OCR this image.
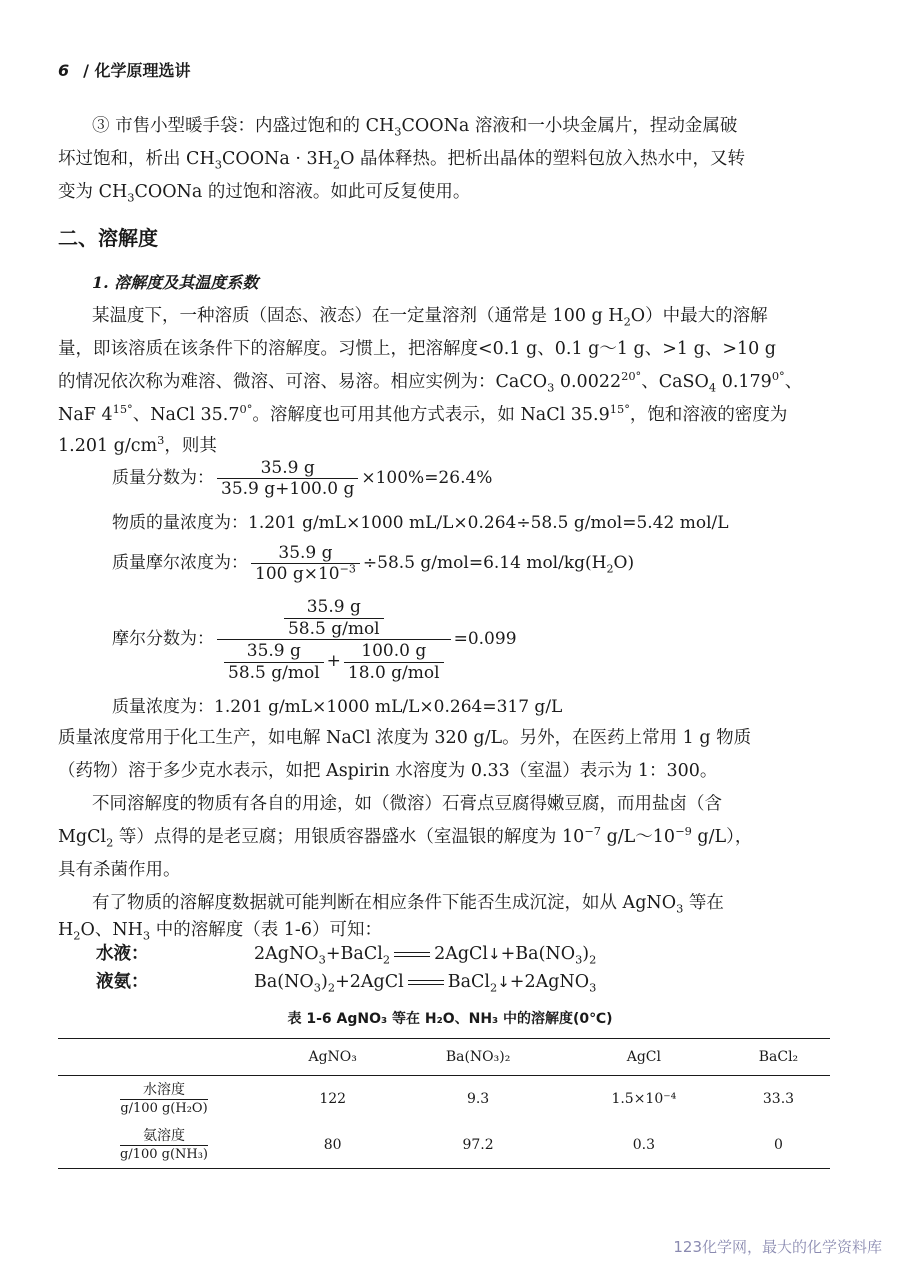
6 / 化学原理选讲
③ 市售小型暖手袋：内盛过饱和的 $CH_3COONa$ 溶液和一小块金属片，捏动金属破
坏过饱和，析出 $CH_3COONa \cdot 3H_2O$ 晶体释热。把析出晶体的塑料包放入热水中，又转
变为 $CH_3COONa$ 的过饱和溶液。如此可反复使用。
二、溶解度
1. 溶解度及其温度系数
某温度下，一种溶质（固态、液态）在一定量溶剂（通常是 100 g $H_2O$）中最大的溶解
量，即该溶质在该条件下的溶解度。习惯上，把溶解度<0.1 g、0.1 g～1 g、>1 g、>10 g
的情况依次称为难溶、微溶、可溶、易溶。相应实例为：CaCO$_3$ $0.0022^{20^\circ}$、CaSO$_4$ $0.179^{0^\circ}$、
NaF $4^{15^\circ}$、NaCl $35.7^{0^\circ}$。溶解度也可用其他方式表示，如 NaCl $35.9^{15^\circ}$，饱和溶液的密度为
1.201 $g/cm^3$，则其
质量分数为： $\frac{35.9 g}{35.9 g+100.0 g} \times 100\%=26.4\%$
物质的量浓度为：1.201 g/mL×1000 mL/L×0.264÷58.5 g/mol=5.42 mol/L
质量摩尔浓度为： $\frac{35.9 g}{100 g\times 10^{-3}} \div 58.5$ g/mol=6.14 mol/$kg(H_2O)$
摩尔分数为： $\frac{\frac{35.9 g}{\text{58.5 g/mol}}}{\frac{35.9 g}{\text{58.5 g/mol}} + \frac{100.0 g}{\text{18.0 g/mol}}} =0.099$
质量浓度为：1.201 g/mL×1000 mL/L×0.264=317 g/L
质量浓度常用于化工生产，如电解 NaCl 浓度为 320 g/L。另外，在医药上常用 1 g 物质
（药物）溶于多少克水表示，如把 Aspirin 水溶度为 0.33（室温）表示为 1：300。
不同溶解度的物质有各自的用途，如（微溶）石膏点豆腐得嫩豆腐，而用盐卤（含
MgCl$_2$ 等）点得的是老豆腐；用银质容器盛水（室温银的解度为 $10^{-7}$ $g/L\sim 10^{-9}$ g/L），
具有杀菌作用。
有了物质的溶解度数据就可能判断在相应条件下能否生成沉淀，如从 AgNO$_3$ 等在
$H_2O$、$NH_3$ 中的溶解度（表 1-6）可知：
水液：	2AgNO$_3$+BaCl$_2$	$2AgCl↓+Ba(NO_3)_2$
液氨：	$Ba(NO_3)_2+2AgCl$	BaCl$_2$↓+2AgNO$_3$
表 1-6 AgNO₃ 等在 H₂O、NH₃ 中的溶解度(0℃)
	AgNO₃	Ba(NO₃)₂	AgCl	BaCl₂

水溶度
g/100 g(H₂O)	122	9.3	1.5×10⁻⁴	33.3

氨溶度
g/100 g(NH₃)	80	97.2	0.3	0
123化学网，最大的化学资料库
